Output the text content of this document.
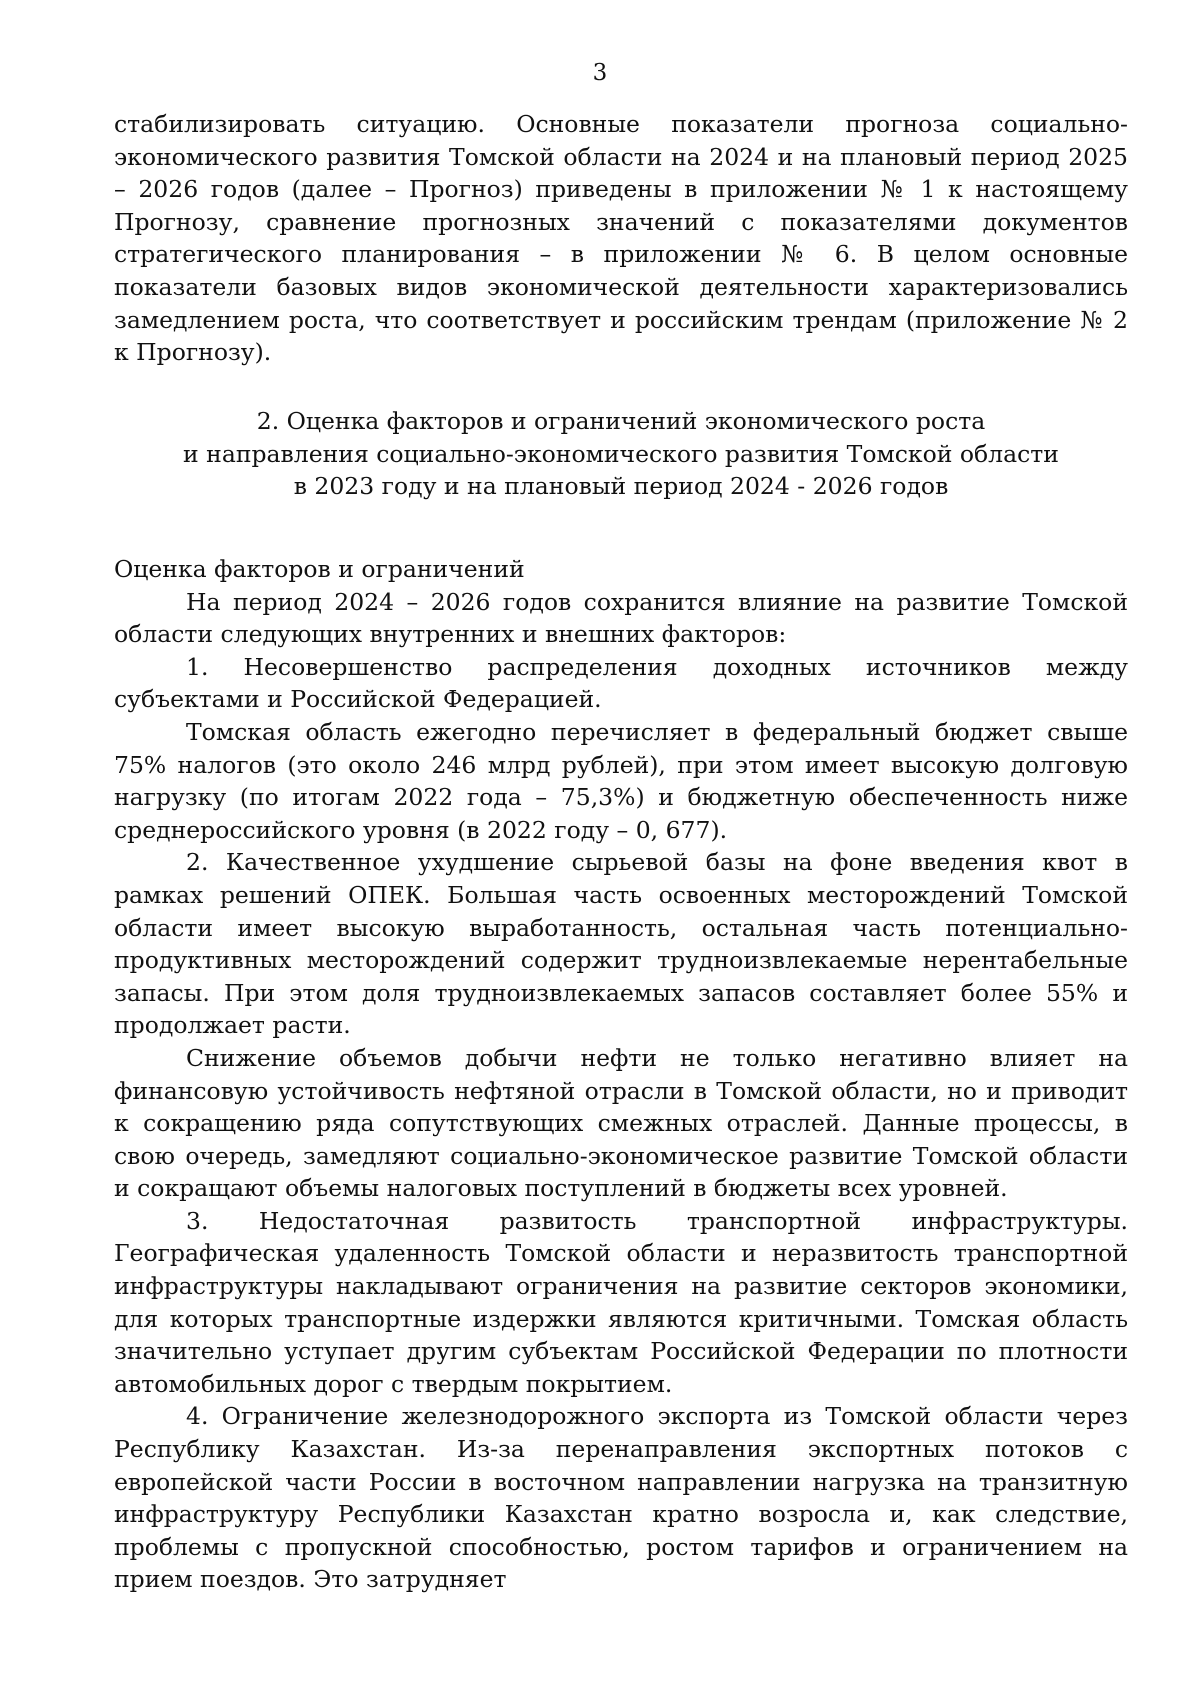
3

стабилизировать ситуацию. Основные показатели прогноза социально-экономического развития Томской области на 2024 и на плановый период 2025 – 2026 годов (далее – Прогноз) приведены в приложении № 1 к настоящему Прогнозу, сравнение прогнозных значений с показателями документов стратегического планирования – в приложении № 6. В целом основные показатели базовых видов экономической деятельности характеризовались замедлением роста, что соответствует и российским трендам (приложение № 2 к Прогнозу).

2. Оценка факторов и ограничений экономического роста
и направления социально-экономического развития Томской области
в 2023 году и на плановый период 2024 - 2026 годов

Оценка факторов и ограничений

На период 2024 – 2026 годов сохранится влияние на развитие Томской области следующих внутренних и внешних факторов:

1. Несовершенство распределения доходных источников между субъектами и Российской Федерацией.

Томская область ежегодно перечисляет в федеральный бюджет свыше 75% налогов (это около 246 млрд рублей), при этом имеет высокую долговую нагрузку (по итогам 2022 года – 75,3%) и бюджетную обеспеченность ниже среднероссийского уровня (в 2022 году – 0, 677).

2. Качественное ухудшение сырьевой базы на фоне введения квот в рамках решений ОПЕК. Большая часть освоенных месторождений Томской области имеет высокую выработанность, остальная часть потенциально-продуктивных месторождений содержит трудноизвлекаемые нерентабельные запасы. При этом доля трудноизвлекаемых запасов составляет более 55% и продолжает расти.

Снижение объемов добычи нефти не только негативно влияет на финансовую устойчивость нефтяной отрасли в Томской области, но и приводит к сокращению ряда сопутствующих смежных отраслей. Данные процессы, в свою очередь, замедляют социально-экономическое развитие Томской области и сокращают объемы налоговых поступлений в бюджеты всех уровней.

3. Недостаточная развитость транспортной инфраструктуры. Географическая удаленность Томской области и неразвитость транспортной инфраструктуры накладывают ограничения на развитие секторов экономики, для которых транспортные издержки являются критичными. Томская область значительно уступает другим субъектам Российской Федерации по плотности автомобильных дорог с твердым покрытием.

4. Ограничение железнодорожного экспорта из Томской области через Республику Казахстан. Из-за перенаправления экспортных потоков с европейской части России в восточном направлении нагрузка на транзитную инфраструктуру Республики Казахстан кратно возросла и, как следствие, проблемы с пропускной способностью, ростом тарифов и ограничением на прием поездов. Это затрудняет
